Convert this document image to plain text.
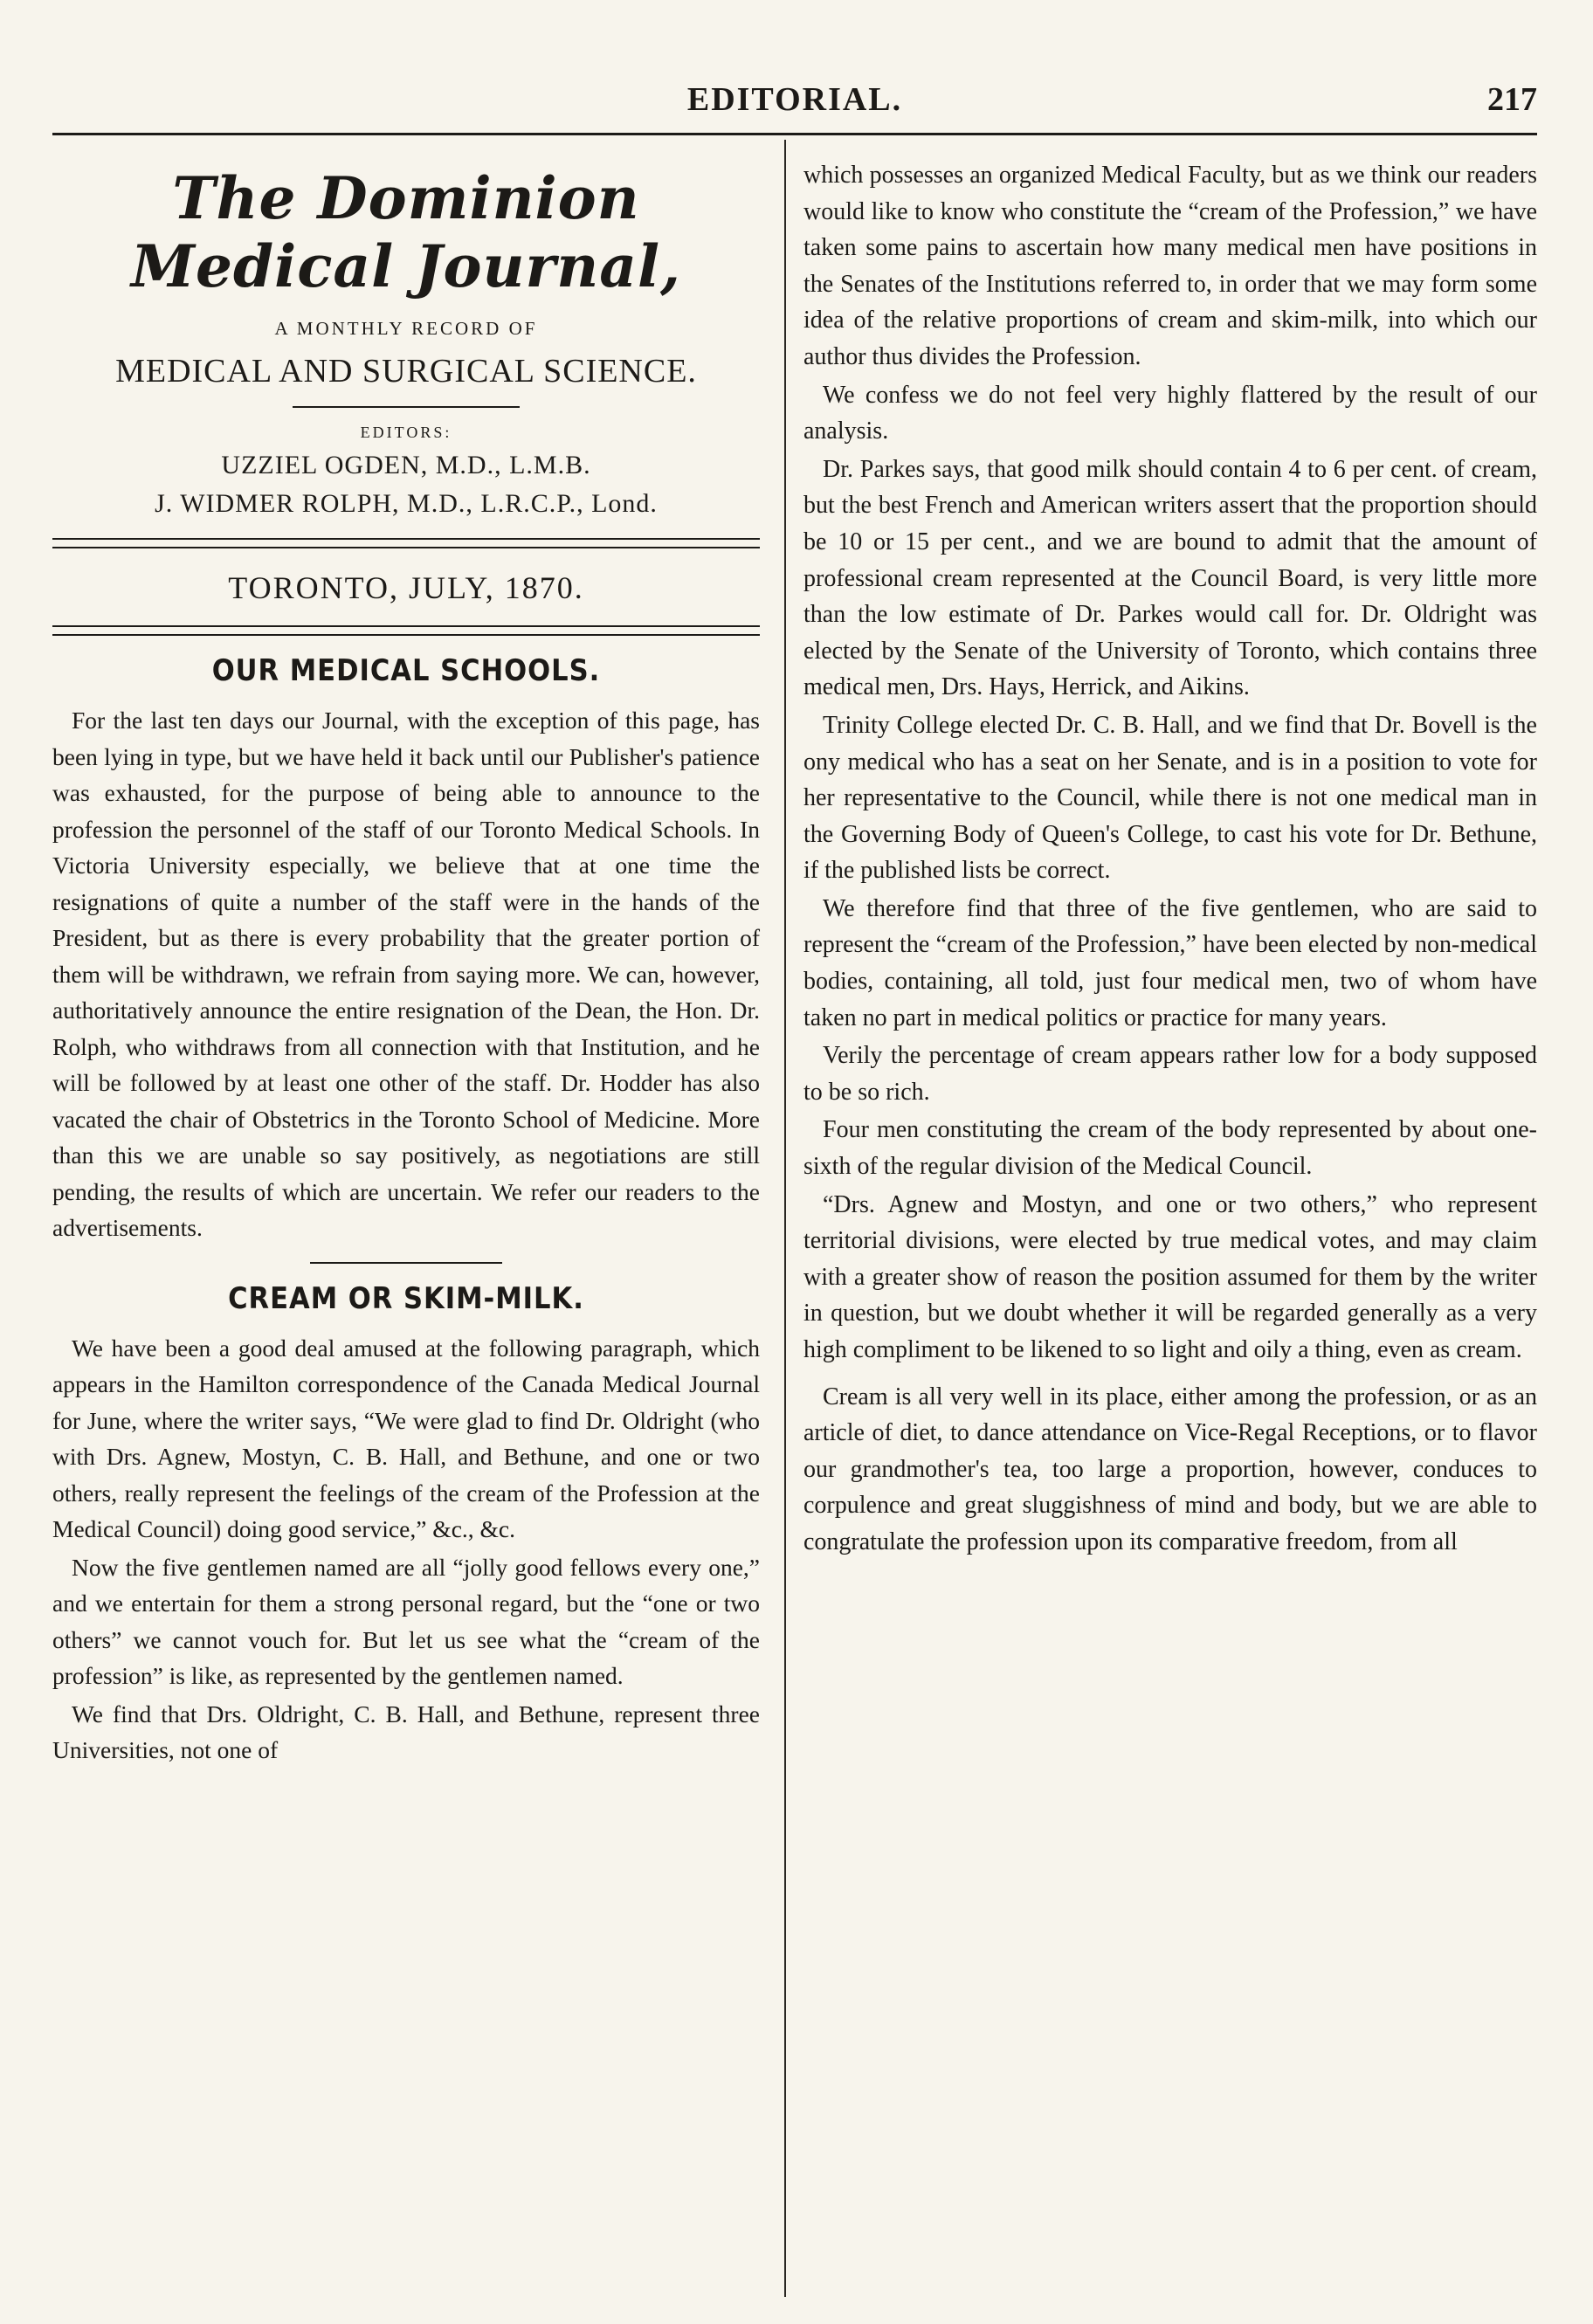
EDITORIAL.	217
The Dominion Medical Journal,
A MONTHLY RECORD OF
MEDICAL AND SURGICAL SCIENCE.
EDITORS:
UZZIEL OGDEN, M.D., L.M.B.
J. WIDMER ROLPH, M.D., L.R.C.P., Lond.
TORONTO, JULY, 1870.
OUR MEDICAL SCHOOLS.

For the last ten days our Journal, with the exception of this page, has been lying in type, but we have held it back until our Publisher's patience was exhausted, for the purpose of being able to announce to the profession the personnel of the staff of our Toronto Medical Schools. In Victoria University especially, we believe that at one time the resignations of quite a number of the staff were in the hands of the President, but as there is every probability that the greater portion of them will be withdrawn, we refrain from saying more. We can, however, authoritatively announce the entire resignation of the Dean, the Hon. Dr. Rolph, who withdraws from all connection with that Institution, and he will be followed by at least one other of the staff. Dr. Hodder has also vacated the chair of Obstetrics in the Toronto School of Medicine. More than this we are unable so say positively, as negotiations are still pending, the results of which are uncertain. We refer our readers to the advertisements.

CREAM OR SKIM-MILK.

We have been a good deal amused at the following paragraph, which appears in the Hamilton correspondence of the Canada Medical Journal for June, where the writer says, “We were glad to find Dr. Oldright (who with Drs. Agnew, Mostyn, C. B. Hall, and Bethune, and one or two others, really represent the feelings of the cream of the Profession at the Medical Council) doing good service,” &c., &c.

Now the five gentlemen named are all “jolly good fellows every one,” and we entertain for them a strong personal regard, but the “one or two others” we cannot vouch for. But let us see what the “cream of the profession” is like, as represented by the gentlemen named.

We find that Drs. Oldright, C. B. Hall, and Bethune, represent three Universities, not one of

which possesses an organized Medical Faculty, but as we think our readers would like to know who constitute the “cream of the Profession,” we have taken some pains to ascertain how many medical men have positions in the Senates of the Institutions referred to, in order that we may form some idea of the relative proportions of cream and skim-milk, into which our author thus divides the Profession.

We confess we do not feel very highly flattered by the result of our analysis.

Dr. Parkes says, that good milk should contain 4 to 6 per cent. of cream, but the best French and American writers assert that the proportion should be 10 or 15 per cent., and we are bound to admit that the amount of professional cream represented at the Council Board, is very little more than the low estimate of Dr. Parkes would call for. Dr. Oldright was elected by the Senate of the University of Toronto, which contains three medical men, Drs. Hays, Herrick, and Aikins.

Trinity College elected Dr. C. B. Hall, and we find that Dr. Bovell is the ony medical who has a seat on her Senate, and is in a position to vote for her representative to the Council, while there is not one medical man in the Governing Body of Queen's College, to cast his vote for Dr. Bethune, if the published lists be correct.

We therefore find that three of the five gentlemen, who are said to represent the “cream of the Profession,” have been elected by non-medical bodies, containing, all told, just four medical men, two of whom have taken no part in medical politics or practice for many years.

Verily the percentage of cream appears rather low for a body supposed to be so rich.

Four men constituting the cream of the body represented by about one-sixth of the regular division of the Medical Council.

“Drs. Agnew and Mostyn, and one or two others,” who represent territorial divisions, were elected by true medical votes, and may claim with a greater show of reason the position assumed for them by the writer in question, but we doubt whether it will be regarded generally as a very high compliment to be likened to so light and oily a thing, even as cream.

Cream is all very well in its place, either among the profession, or as an article of diet, to dance attendance on Vice-Regal Receptions, or to flavor our grandmother's tea, too large a proportion, however, conduces to corpulence and great sluggishness of mind and body, but we are able to congratulate the profession upon its comparative freedom, from all
